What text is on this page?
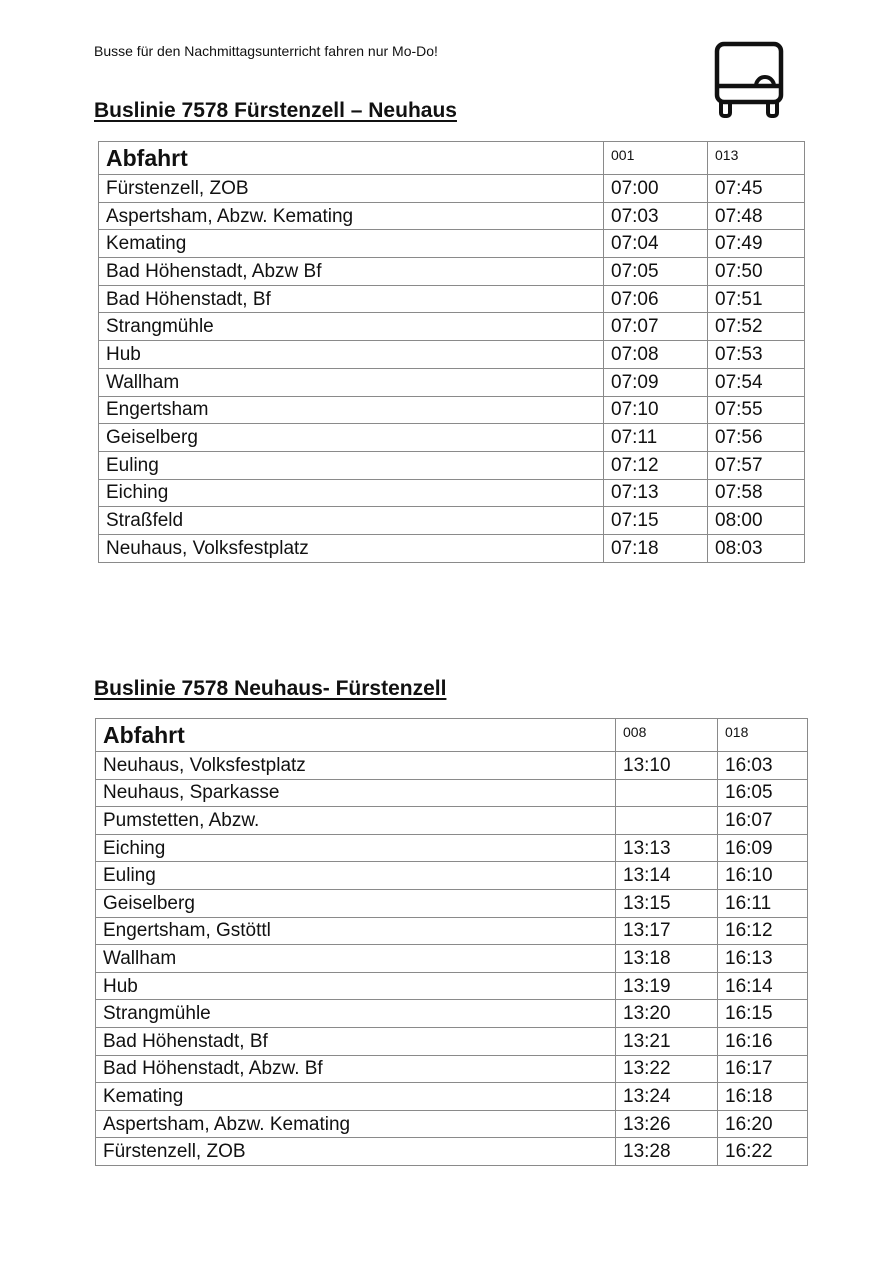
Busse für den Nachmittagsunterricht fahren nur Mo-Do!
Buslinie 7578 Fürstenzell – Neuhaus
Abfahrt	001	013
Fürstenzell, ZOB	07:00	07:45
Aspertsham, Abzw. Kemating	07:03	07:48
Kemating	07:04	07:49
Bad Höhenstadt, Abzw Bf	07:05	07:50
Bad Höhenstadt, Bf	07:06	07:51
Strangmühle	07:07	07:52
Hub	07:08	07:53
Wallham	07:09	07:54
Engertsham	07:10	07:55
Geiselberg	07:11	07:56
Euling	07:12	07:57
Eiching	07:13	07:58
Straßfeld	07:15	08:00
Neuhaus, Volksfestplatz	07:18	08:03
Buslinie 7578 Neuhaus- Fürstenzell
Abfahrt	008	018
Neuhaus, Volksfestplatz	13:10	16:03
Neuhaus, Sparkasse		16:05
Pumstetten, Abzw.		16:07
Eiching	13:13	16:09
Euling	13:14	16:10
Geiselberg	13:15	16:11
Engertsham, Gstöttl	13:17	16:12
Wallham	13:18	16:13
Hub	13:19	16:14
Strangmühle	13:20	16:15
Bad Höhenstadt, Bf	13:21	16:16
Bad Höhenstadt, Abzw. Bf	13:22	16:17
Kemating	13:24	16:18
Aspertsham, Abzw. Kemating	13:26	16:20
Fürstenzell, ZOB	13:28	16:22
